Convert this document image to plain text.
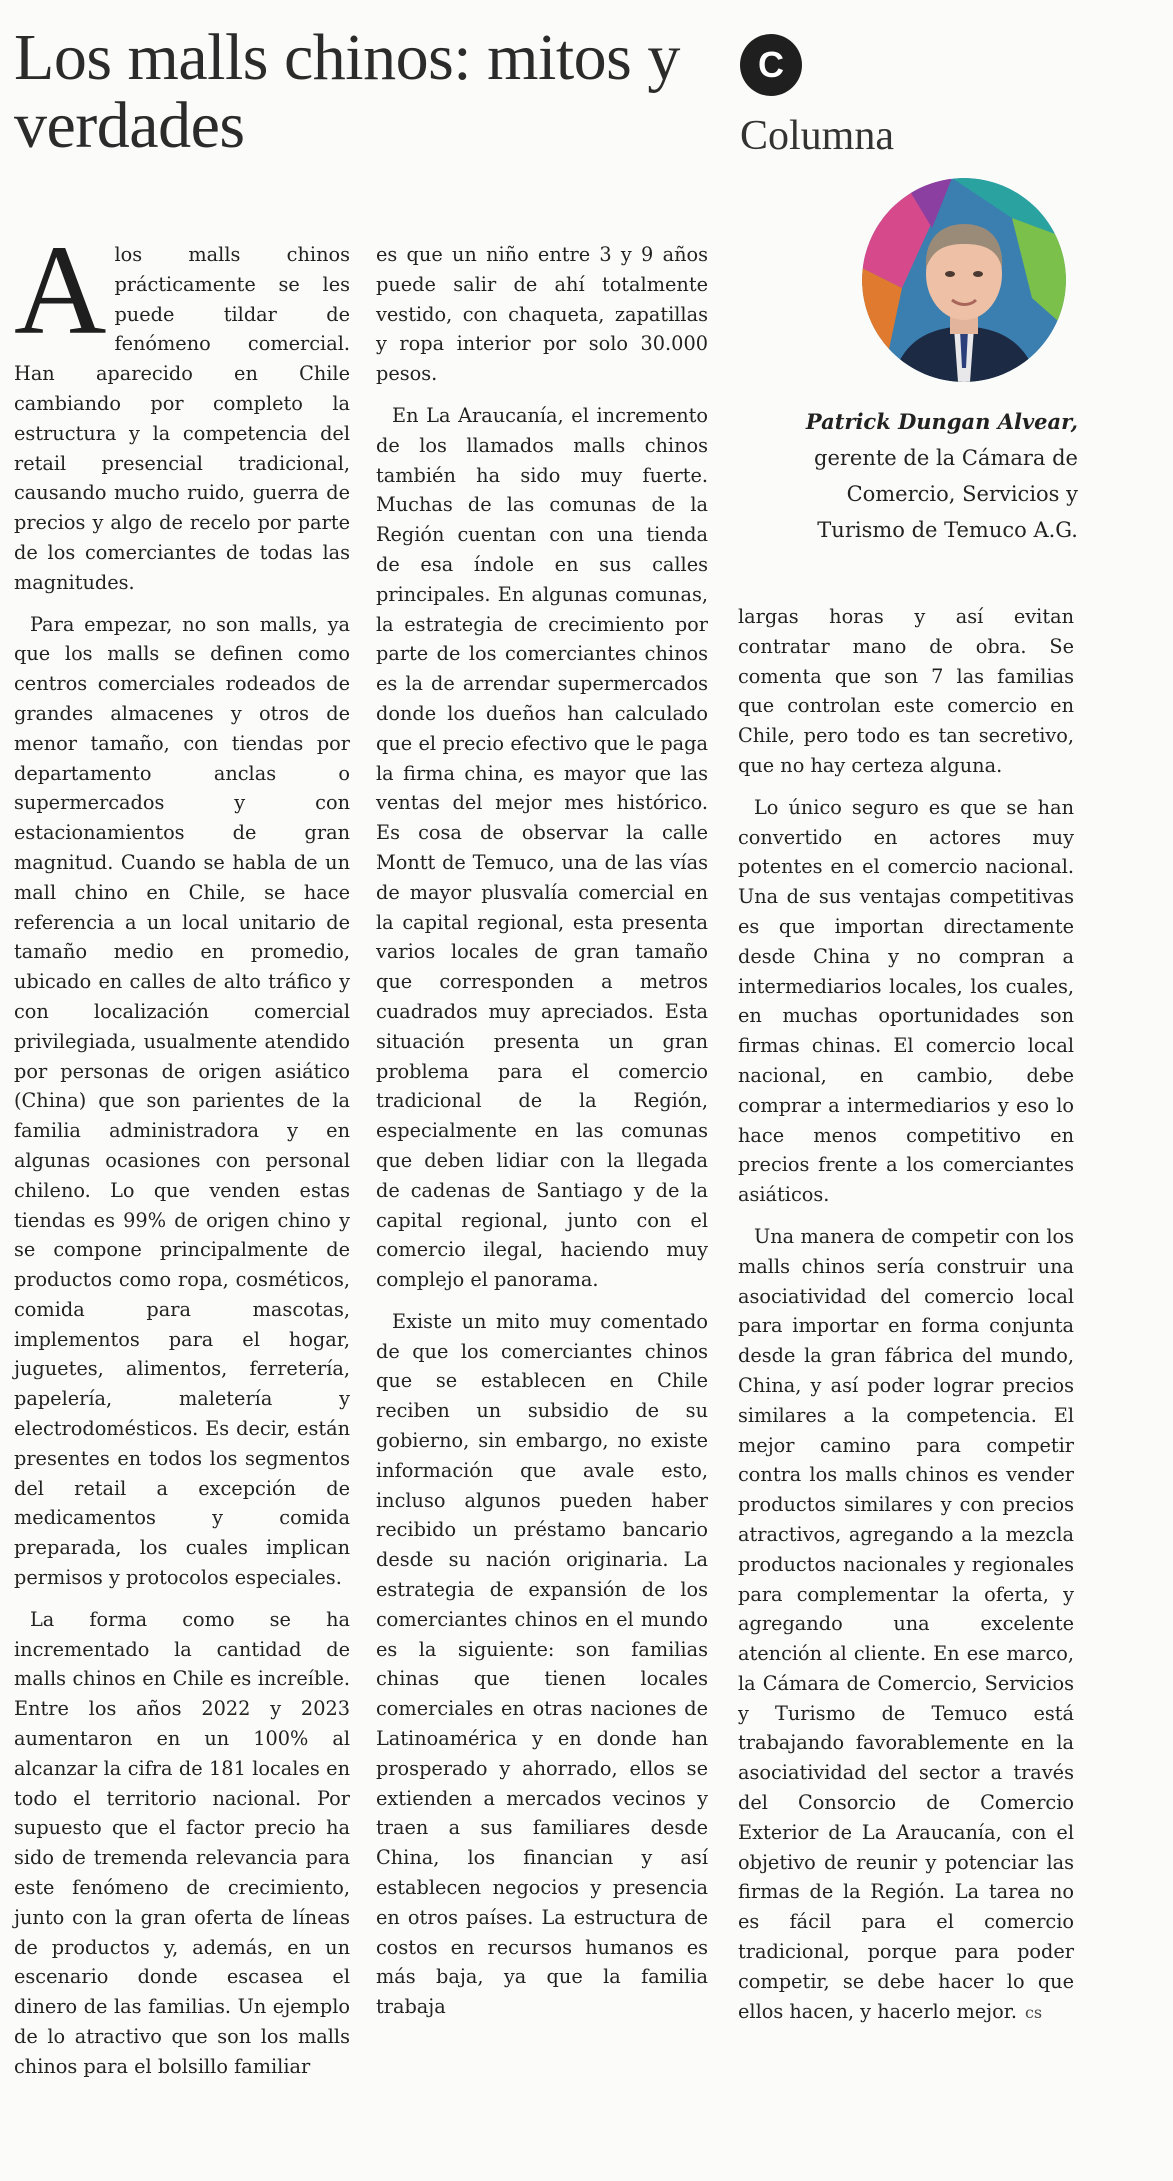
Los malls chinos: mitos y verdades
C
Columna
Patrick Dungan Alvear,
gerente de la Cámara de Comercio, Servicios y Turismo de Temuco A.G.

Alos malls chinos prácticamente se les puede tildar de fenómeno comercial. Han aparecido en Chile cambiando por completo la estructura y la competencia del retail presencial tradicional, causando mucho ruido, guerra de precios y algo de recelo por parte de los comerciantes de todas las magnitudes.

Para empezar, no son malls, ya que los malls se definen como centros comerciales rodeados de grandes almacenes y otros de menor tamaño, con tiendas por departamento anclas o supermercados y con estacionamientos de gran magnitud. Cuando se habla de un mall chino en Chile, se hace referencia a un local unitario de tamaño medio en promedio, ubicado en calles de alto tráfico y con localización comercial privilegiada, usualmente atendido por personas de origen asiático (China) que son parientes de la familia administradora y en algunas ocasiones con personal chileno. Lo que venden estas tiendas es 99% de origen chino y se compone principalmente de productos como ropa, cosméticos, comida para mascotas, implementos para el hogar, juguetes, alimentos, ferretería, papelería, maletería y electrodomésticos. Es decir, están presentes en todos los segmentos del retail a excepción de medicamentos y comida preparada, los cuales implican permisos y protocolos especiales.

La forma como se ha incrementado la cantidad de malls chinos en Chile es increíble. Entre los años 2022 y 2023 aumentaron en un 100% al alcanzar la cifra de 181 locales en todo el territorio nacional. Por supuesto que el factor precio ha sido de tremenda relevancia para este fenómeno de crecimiento, junto con la gran oferta de líneas de productos y, además, en un escenario donde escasea el dinero de las familias. Un ejemplo de lo atractivo que son los malls chinos para el bolsillo familiar

es que un niño entre 3 y 9 años puede salir de ahí totalmente vestido, con chaqueta, zapatillas y ropa interior por solo 30.000 pesos.

En La Araucanía, el incremento de los llamados malls chinos también ha sido muy fuerte. Muchas de las comunas de la Región cuentan con una tienda de esa índole en sus calles principales. En algunas comunas, la estrategia de crecimiento por parte de los comerciantes chinos es la de arrendar supermercados donde los dueños han calculado que el precio efectivo que le paga la firma china, es mayor que las ventas del mejor mes histórico. Es cosa de observar la calle Montt de Temuco, una de las vías de mayor plusvalía comercial en la capital regional, esta presenta varios locales de gran tamaño que corresponden a metros cuadrados muy apreciados. Esta situación presenta un gran problema para el comercio tradicional de la Región, especialmente en las comunas que deben lidiar con la llegada de cadenas de Santiago y de la capital regional, junto con el comercio ilegal, haciendo muy complejo el panorama.

Existe un mito muy comentado de que los comerciantes chinos que se establecen en Chile reciben un subsidio de su gobierno, sin embargo, no existe información que avale esto, incluso algunos pueden haber recibido un préstamo bancario desde su nación originaria. La estrategia de expansión de los comerciantes chinos en el mundo es la siguiente: son familias chinas que tienen locales comerciales en otras naciones de Latinoamérica y en donde han prosperado y ahorrado, ellos se extienden a mercados vecinos y traen a sus familiares desde China, los financian y así establecen negocios y presencia en otros países. La estructura de costos en recursos humanos es más baja, ya que la familia trabaja

largas horas y así evitan contratar mano de obra. Se comenta que son 7 las familias que controlan este comercio en Chile, pero todo es tan secretivo, que no hay certeza alguna.

Lo único seguro es que se han convertido en actores muy potentes en el comercio nacional. Una de sus ventajas competitivas es que importan directamente desde China y no compran a intermediarios locales, los cuales, en muchas oportunidades son firmas chinas. El comercio local nacional, en cambio, debe comprar a intermediarios y eso lo hace menos competitivo en precios frente a los comerciantes asiáticos.

Una manera de competir con los malls chinos sería construir una asociatividad del comercio local para importar en forma conjunta desde la gran fábrica del mundo, China, y así poder lograr precios similares a la competencia. El mejor camino para competir contra los malls chinos es vender productos similares y con precios atractivos, agregando a la mezcla productos nacionales y regionales para complementar la oferta, y agregando una excelente atención al cliente. En ese marco, la Cámara de Comercio, Servicios y Turismo de Temuco está trabajando favorablemente en la asociatividad del sector a través del Consorcio de Comercio Exterior de La Araucanía, con el objetivo de reunir y potenciar las firmas de la Región. La tarea no es fácil para el comercio tradicional, porque para poder competir, se debe hacer lo que ellos hacen, y hacerlo mejor. cs
